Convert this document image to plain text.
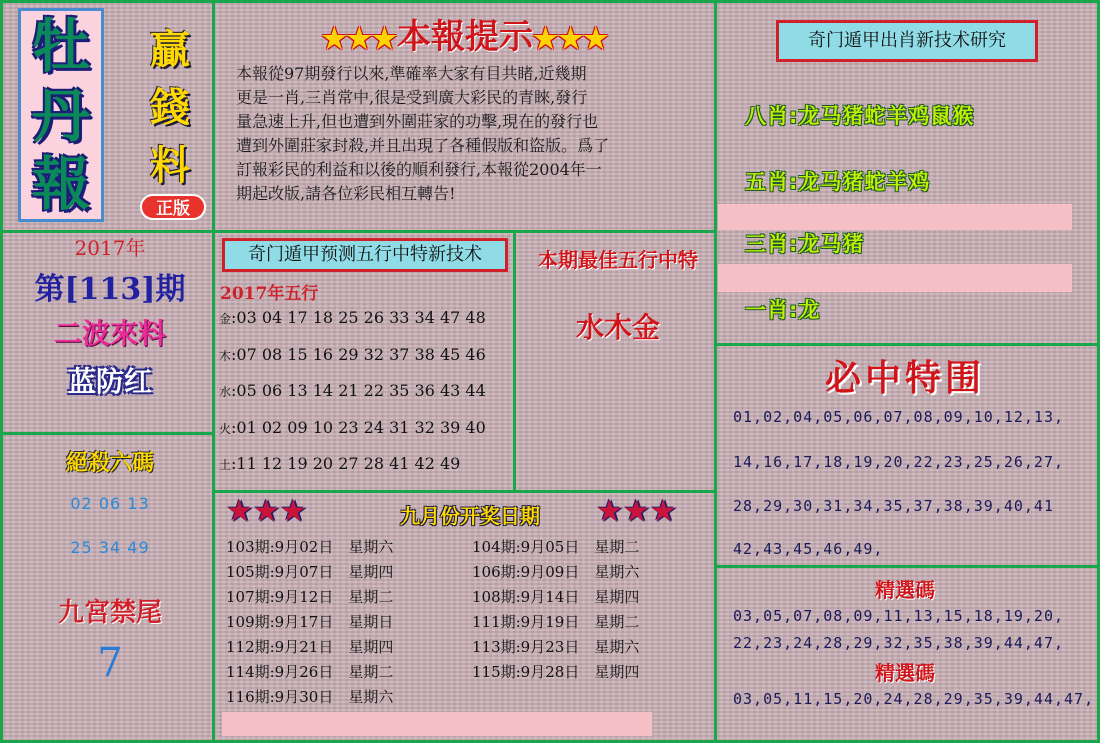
牡
丹
報
贏
錢
料
正版
★★★本報提示★★★
本報從97期發行以來,準確率大家有目共睹,近幾期
更是一肖,三肖常中,很是受到廣大彩民的青睞,發行
量急速上升,但也遭到外圍莊家的功擊,現在的發行也
遭到外圍莊家封殺,并且出現了各種假版和盜版。爲了
訂報彩民的利益和以後的順利發行,本報從2004年一
期起改版,請各位彩民相互轉告!
奇门遁甲出肖新技术研究
八肖:龙马猪蛇羊鸡鼠猴
五肖:龙马猪蛇羊鸡
三肖:龙马猪
一肖:龙
2017年
第[113]期
二波來料
蓝防红
絕殺六碼
02 06 13
25 34 49
九宮禁尾
7
奇门遁甲预测五行中特新技术
2017年五行
金:03 04 17 18 25 26 33 34 47 48
木:07 08 15 16 29 32 37 38 45 46
水:05 06 13 14 21 22 35 36 43 44
火:01 02 09 10 23 24 31 32 39 40
土:11 12 19 20 27 28 41 42 49
本期最佳五行中特
水木金
★★★	九月份开奖日期	★★★
103期:9月02日　星期六	104期:9月05日　星期二
105期:9月07日　星期四	106期:9月09日　星期六
107期:9月12日　星期二	108期:9月14日　星期四
109期:9月17日　星期日	111期:9月19日　星期二
112期:9月21日　星期四	113期:9月23日　星期六
114期:9月26日　星期二	115期:9月28日　星期四
116期:9月30日　星期六
必中特围
01,02,04,05,06,07,08,09,10,12,13,
14,16,17,18,19,20,22,23,25,26,27,
28,29,30,31,34,35,37,38,39,40,41
42,43,45,46,49,
精選碼
03,05,07,08,09,11,13,15,18,19,20,
22,23,24,28,29,32,35,38,39,44,47,
精選碼
03,05,11,15,20,24,28,29,35,39,44,47,
